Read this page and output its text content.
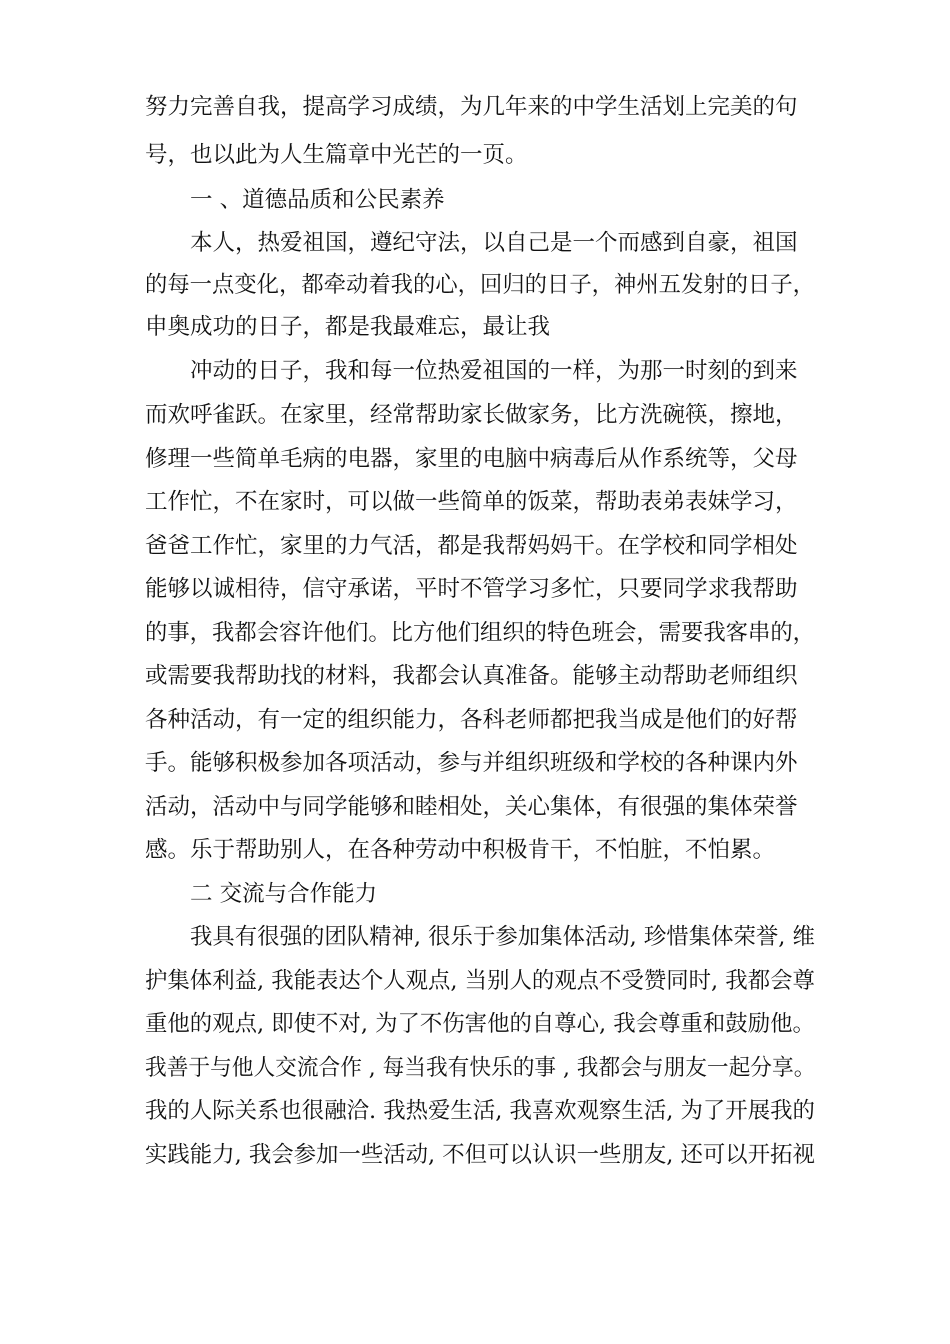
努力完善自我，提高学习成绩，为几年来的中学生活划上完美的句
号，也以此为人生篇章中光芒的一页。
一 、道德品质和公民素养
本人，热爱祖国，遵纪守法，以自己是一个而感到自豪，祖国
的每一点变化，都牵动着我的心，回归的日子，神州五发射的日子，
申奥成功的日子，都是我最难忘，最让我
冲动的日子，我和每一位热爱祖国的一样，为那一时刻的到来
而欢呼雀跃。在家里，经常帮助家长做家务，比方洗碗筷，擦地，
修理一些简单毛病的电器，家里的电脑中病毒后从作系统等，父母
工作忙，不在家时，可以做一些简单的饭菜，帮助表弟表妹学习，
爸爸工作忙，家里的力气活，都是我帮妈妈干。在学校和同学相处
能够以诚相待，信守承诺，平时不管学习多忙，只要同学求我帮助
的事，我都会容许他们。比方他们组织的特色班会，需要我客串的，
或需要我帮助找的材料，我都会认真准备。能够主动帮助老师组织
各种活动，有一定的组织能力，各科老师都把我当成是他们的好帮
手。能够积极参加各项活动，参与并组织班级和学校的各种课内外
活动，活动中与同学能够和睦相处，关心集体，有很强的集体荣誉
感。乐于帮助别人，在各种劳动中积极肯干，不怕脏，不怕累。
二 交流与合作能力
我具有很强的团队精神, 很乐于参加集体活动, 珍惜集体荣誉, 维
护集体利益, 我能表达个人观点, 当别人的观点不受赞同时, 我都会尊
重他的观点, 即使不对, 为了不伤害他的自尊心, 我会尊重和鼓励他。
我善于与他人交流合作 , 每当我有快乐的事 , 我都会与朋友一起分享。
我的人际关系也很融洽. 我热爱生活, 我喜欢观察生活, 为了开展我的
实践能力, 我会参加一些活动, 不但可以认识一些朋友, 还可以开拓视
